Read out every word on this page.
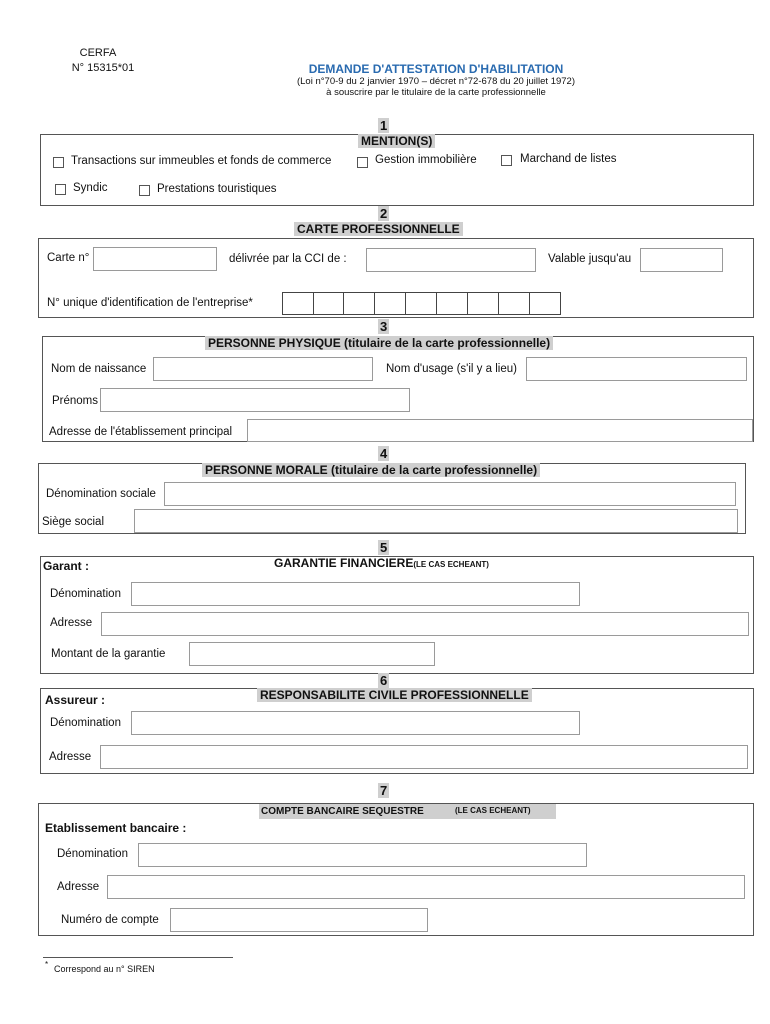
CERFA
N° 15315*01	DEMANDE D'ATTESTATION D'HABILITATION
(Loi n°70-9 du 2 janvier 1970 – décret n°72-678 du 20 juillet 1972)
à souscrire par le titulaire de la carte professionnelle
1
MENTION(S)
Transactions sur immeubles et fonds de commerce	Gestion immobilière	Marchand de listes
Syndic	Prestations touristiques
2
CARTE PROFESSIONNELLE
Carte n°	délivrée par la CCI de :	Valable jusqu'au
N° unique d'identification de l'entreprise*
3
PERSONNE PHYSIQUE (titulaire de la carte professionnelle)
Nom de naissance	Nom d'usage (s'il y a lieu)
Prénoms
Adresse de l'établissement principal
4
PERSONNE MORALE (titulaire de la carte professionnelle)
Dénomination sociale
Siège social
5
GARANTIE FINANCIERE(LE CAS ECHEANT)
Garant :
Dénomination
Adresse
Montant de la garantie
6
RESPONSABILITE CIVILE PROFESSIONNELLE
Assureur :
Dénomination
Adresse
7
COMPTE BANCAIRE SEQUESTRE	(LE CAS ECHEANT)
Etablissement bancaire :
Dénomination
Adresse
Numéro de compte
* Correspond au n° SIREN
